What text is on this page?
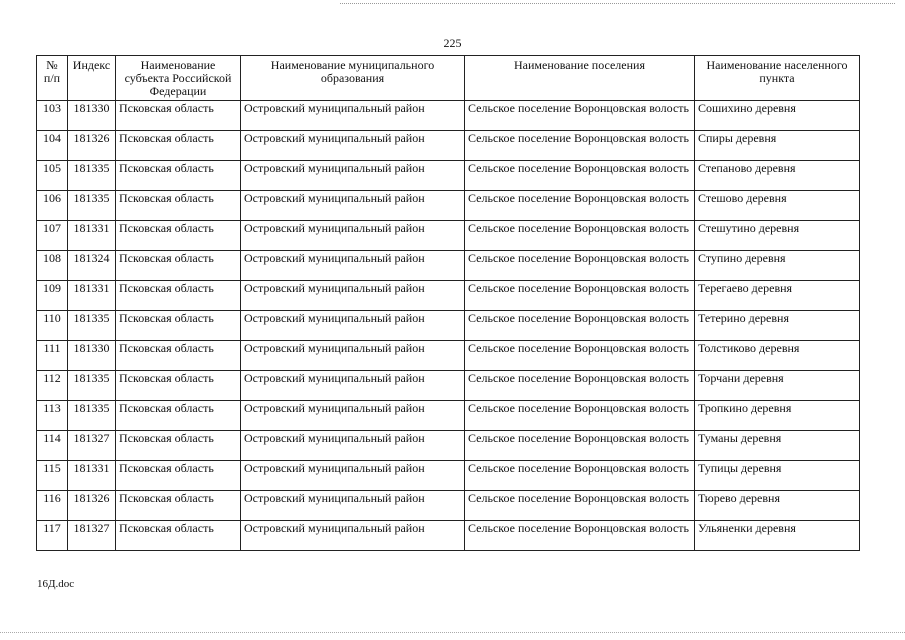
225
№ п/п	Индекс	Наименование субъекта Российской Федерации	Наименование муниципального образования	Наименование поселения	Наименование населенного пункта
103	181330	Псковская область	Островский муниципальный район	Сельское поселение Воронцовская волость	Сошихино деревня
104	181326	Псковская область	Островский муниципальный район	Сельское поселение Воронцовская волость	Спиры деревня
105	181335	Псковская область	Островский муниципальный район	Сельское поселение Воронцовская волость	Степаново деревня
106	181335	Псковская область	Островский муниципальный район	Сельское поселение Воронцовская волость	Стешово деревня
107	181331	Псковская область	Островский муниципальный район	Сельское поселение Воронцовская волость	Стешутино деревня
108	181324	Псковская область	Островский муниципальный район	Сельское поселение Воронцовская волость	Ступино деревня
109	181331	Псковская область	Островский муниципальный район	Сельское поселение Воронцовская волость	Терегаево деревня
110	181335	Псковская область	Островский муниципальный район	Сельское поселение Воронцовская волость	Тетерино деревня
111	181330	Псковская область	Островский муниципальный район	Сельское поселение Воронцовская волость	Толстиково деревня
112	181335	Псковская область	Островский муниципальный район	Сельское поселение Воронцовская волость	Торчани деревня
113	181335	Псковская область	Островский муниципальный район	Сельское поселение Воронцовская волость	Тропкино деревня
114	181327	Псковская область	Островский муниципальный район	Сельское поселение Воронцовская волость	Туманы деревня
115	181331	Псковская область	Островский муниципальный район	Сельское поселение Воронцовская волость	Тупицы деревня
116	181326	Псковская область	Островский муниципальный район	Сельское поселение Воронцовская волость	Тюрево деревня
117	181327	Псковская область	Островский муниципальный район	Сельское поселение Воронцовская волость	Ульяненки деревня
16Д.doc
